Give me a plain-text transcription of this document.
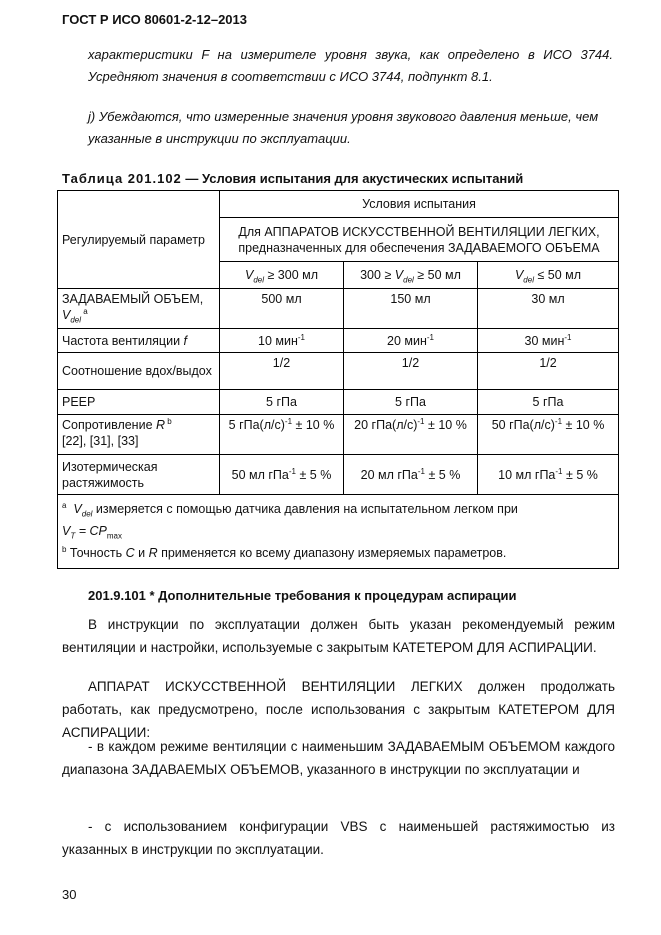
ГОСТ Р ИСО 80601-2-12–2013
характеристики F на измерителе уровня звука, как определено в ИСО 3744. Усредняют значения в соответствии с ИСО 3744, подпункт 8.1.
j) Убеждаются, что измеренные значения уровня звукового давления меньше, чем указанные в инструкции по эксплуатации.
Таблица 201.102 — Условия испытания для акустических испытаний
Регулируемый параметр	Условия испытания		
	Для АППАРАТОВ ИСКУССТВЕННОЙ ВЕНТИЛЯЦИИ ЛЕГКИХ, предназначенных для обеспечения ЗАДАВАЕМОГО ОБЪЕМА		
	$V_{del} \ge 300$ мл	$300 \ge V_{del} \ge 50$ мл	$V_{del} \le 50$ мл
ЗАДАВАЕМЫЙ ОБЪЕМ,
$V_{del}$ $^a$	500 мл	150 мл	30 мл
Частота вентиляции f	10 мин$^{-1}$	20 мин$^{-1}$	30 мин$^{-1}$
Соотношение вдох/выдох	1/2	1/2	1/2
PEEP	5 гПа	5 гПа	5 гПа
Сопротивление R $^b$
[22], [31], [33]	5 $гПа(л/с)^{-1} \pm 10$ %	20 $гПа(л/с)^{-1} \pm 10$ %	50 $гПа(л/с)^{-1} \pm 10$ %
Изотермическая растяжимость	50 мл гПа$^{-1}$ ± 5 %	20 мл гПа$^{-1}$ ± 5 %	10 мл гПа$^{-1}$ ± 5 %

$^a$ $V_{del}$ измеряется с помощью датчика давления на испытательном легком при
$V_T = CP_{max}$
$^b$ Точность C и R применяется ко всему диапазону измеряемых параметров.			
201.9.101 * Дополнительные требования к процедурам аспирации
В инструкции по эксплуатации должен быть указан рекомендуемый режим вентиляции и настройки, используемые с закрытым КАТЕТЕРОМ ДЛЯ АСПИРАЦИИ.
АППАРАТ ИСКУССТВЕННОЙ ВЕНТИЛЯЦИИ ЛЕГКИХ должен продолжать работать, как предусмотрено, после использования с закрытым КАТЕТЕРОМ ДЛЯ АСПИРАЦИИ:
- в каждом режиме вентиляции с наименьшим ЗАДАВАЕМЫМ ОБЪЕМОМ каждого диапазона ЗАДАВАЕМЫХ ОБЪЕМОВ, указанного в инструкции по эксплуатации и
- с использованием конфигурации VBS с наименьшей растяжимостью из указанных в инструкции по эксплуатации.
30
